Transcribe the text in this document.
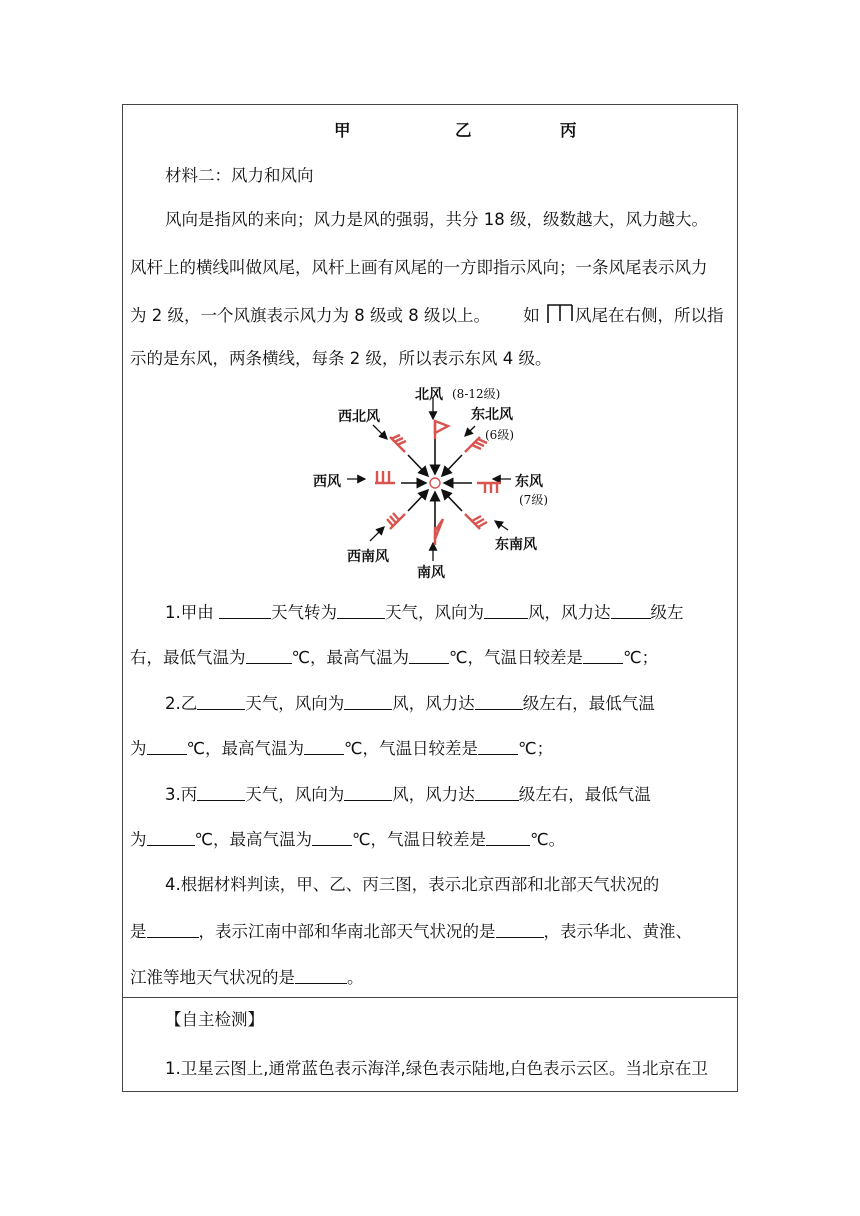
甲	乙	丙
材料二：风力和风向
风向是指风的来向；风力是风的强弱，共分 18 级，级数越大，风力越大。
风杆上的横线叫做风尾，风杆上画有风尾的一方即指示风向；一条风尾表示风力
为 2 级，一个风旗表示风力为 8 级或 8 级以上。 如 风尾在右侧，所以指
示的是东风，两条横线，每条 2 级，所以表示东风 4 级。
北风 (8-12级)
西北风	东北风
(6级)
西风	东风
(7级)
西南风
南风
东南风
1.甲由	天气转为	天气，风向为	风，风力达 级左
右，最低气温为	℃，最高气温为 ℃，气温日较差是 ℃；
2.乙	天气，风向为	风，风力达	级左右，最低气温
为 ℃，最高气温为 ℃，气温日较差是 ℃；
3.丙	天气，风向为	风，风力达	级左右，最低气温
为	℃，最高气温为 ℃，气温日较差是	℃。
4.根据材料判读，甲、乙、丙三图，表示北京西部和北部天气状况的
是	，表示江南中部和华南北部天气状况的是	，表示华北、黄淮、
江淮等地天气状况的是	。
【自主检测】
1.卫星云图上,通常蓝色表示海洋,绿色表示陆地,白色表示云区。当北京在卫
